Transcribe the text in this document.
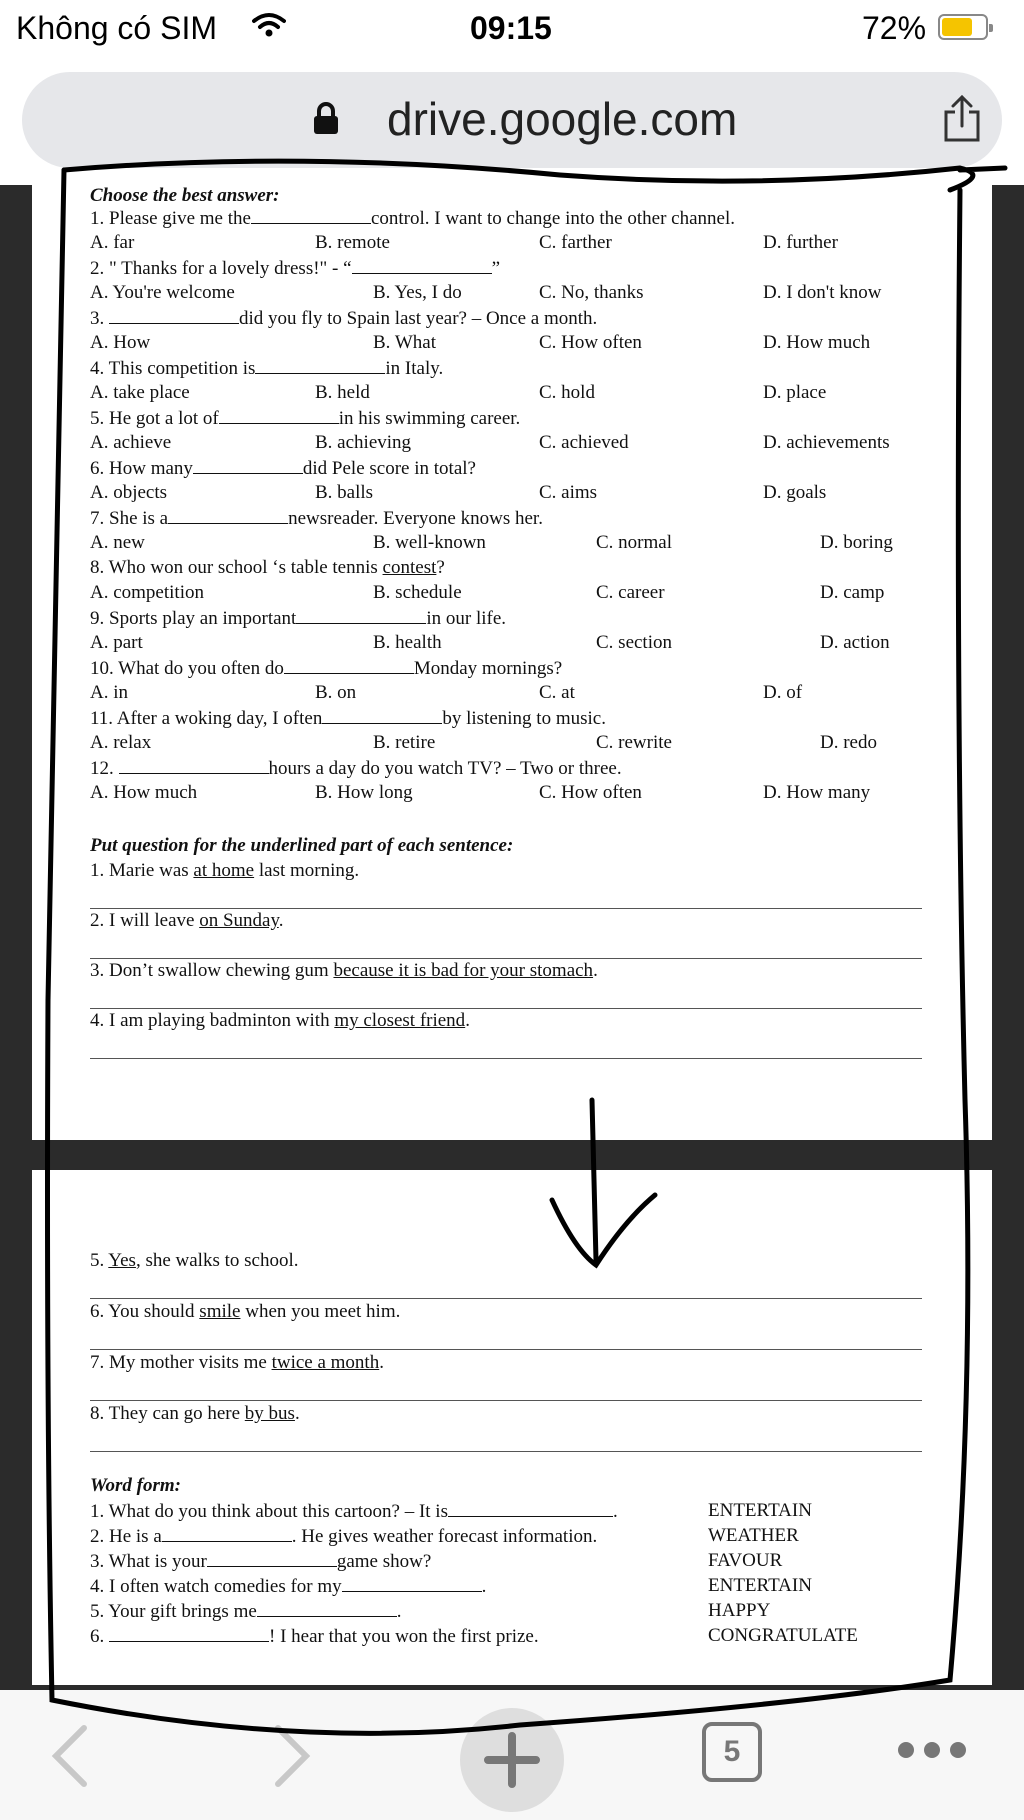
Không có SIM	09:15	72%
drive.google.com
Choose the best answer:
1. Please give me the	control. I want to change into the other channel.
A. far	B. remote	C. farther	D. further
2. " Thanks for a lovely dress!" - “	”
A. You're welcome	B. Yes, I do	C. No, thanks	D. I don't know
3.	did you fly to Spain last year? – Once a month.
A. How	B. What	C. How often	D. How much
4. This competition is	in Italy.
A. take place	B. held	C. hold	D. place
5. He got a lot of	in his swimming career.
A. achieve	B. achieving	C. achieved	D. achievements
6. How many	did Pele score in total?
A. objects	B. balls	C. aims	D. goals
7. She is a	newsreader. Everyone knows her.
A. new	B. well-known	C. normal	D. boring
8. Who won our school ‘s table tennis contest?
A. competition	B. schedule	C. career	D. camp
9. Sports play an important	in our life.
A. part	B. health	C. section	D. action
10. What do you often do	Monday mornings?
A. in	B. on	C. at	D. of
11. After a woking day, I often	by listening to music.
A. relax	B. retire	C. rewrite	D. redo
12.	hours a day do you watch TV? – Two or three.
A. How much	B. How long	C. How often	D. How many
Put question for the underlined part of each sentence:
1. Marie was at home last morning.
2. I will leave on Sunday.
3. Don’t swallow chewing gum because it is bad for your stomach.
4. I am playing badminton with my closest friend.
5. Yes, she walks to school.
6. You should smile when you meet him.
7. My mother visits me twice a month.
8. They can go here by bus.
Word form:
1. What do you think about this cartoon? – It is	.	ENTERTAIN
2. He is a	. He gives weather forecast information.	WEATHER
3. What is your	game show?	FAVOUR
4. I often watch comedies for my	.	ENTERTAIN
5. Your gift brings me	.	HAPPY
6.	! I hear that you won the first prize.	CONGRATULATE
5
